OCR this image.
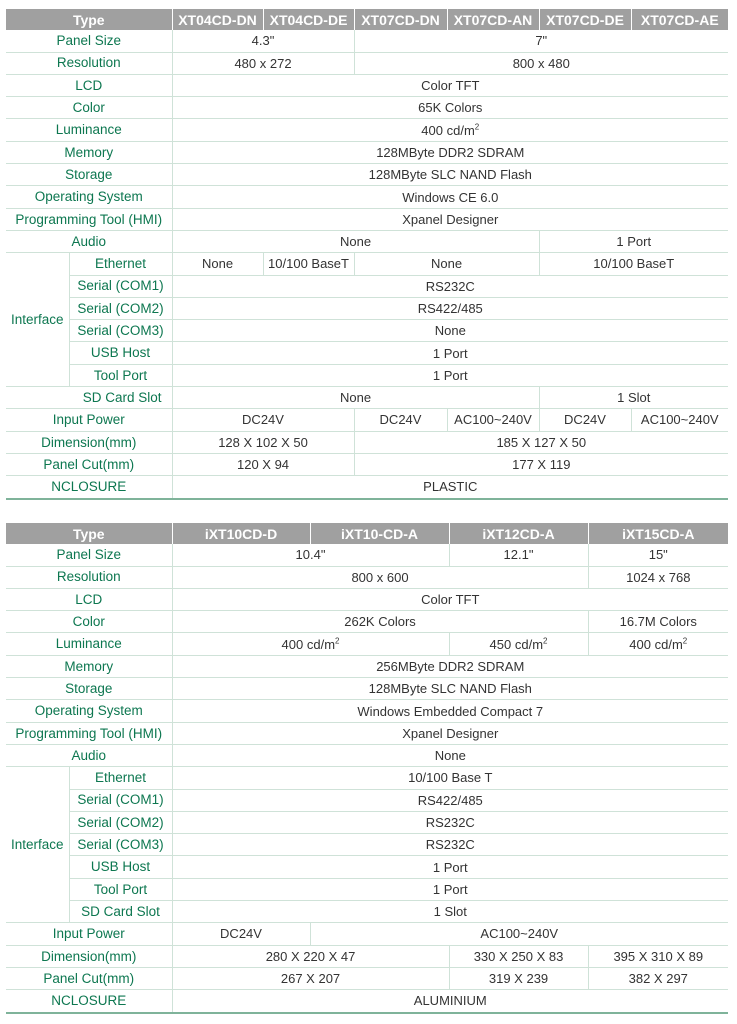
Type		XT04CD-DN	XT04CD-DE	XT07CD-DN	XT07CD-AN	XT07CD-DE	XT07CD-AE
Panel Size		4.3"		7"			
Resolution		480 x 272		800 x 480			
LCD		Color TFT					
Color		65K Colors					
Luminance		400 $cd/m^2$
Memory		128MByte DDR2 SDRAM					
Storage		128MByte SLC NAND Flash					
Operating System		Windows CE 6.0					
Programming Tool (HMI)		Xpanel Designer					
Audio		None				1 Port	
Interface	Ethernet	None	10/100 BaseT	None		10/100 BaseT	
	Serial (COM1)	RS232C					
	Serial (COM2)	RS422/485					
	Serial (COM3)	None					
	USB Host	1 Port					
	Tool Port	1 Port					
SD Card Slot		None				1 Slot	
Input Power		DC24V		DC24V	AC100~240V	DC24V	AC100~240V
Dimension(mm)		128 X 102 X 50		185 X 127 X 50			
Panel Cut(mm)		120 X 94		177 X 119			
NCLOSURE		PLASTIC					
Type		iXT10CD-D	iXT10-CD-A	iXT12CD-A	iXT15CD-A
Panel Size		10.4"		12.1"	15"
Resolution		800 x 600			1024 x 768
LCD		Color TFT			
Color		262K Colors			16.7M Colors
Luminance		400 $cd/m^2$		450 $cd/m^2$	400 $cd/m^2$
Memory		256MByte DDR2 SDRAM			
Storage		128MByte SLC NAND Flash			
Operating System		Windows Embedded Compact 7			
Programming Tool (HMI)		Xpanel Designer			
Audio		None			
Interface	Ethernet	10/100 Base T			
	Serial (COM1)	RS422/485			
	Serial (COM2)	RS232C			
	Serial (COM3)	RS232C			
	USB Host	1 Port			
	Tool Port	1 Port			
	SD Card Slot	1 Slot			
Input Power		DC24V	AC100~240V		
Dimension(mm)		280 X 220 X 47		330 X 250 X 83	395 X 310 X 89
Panel Cut(mm)		267 X 207		319 X 239	382 X 297
NCLOSURE		ALUMINIUM			
